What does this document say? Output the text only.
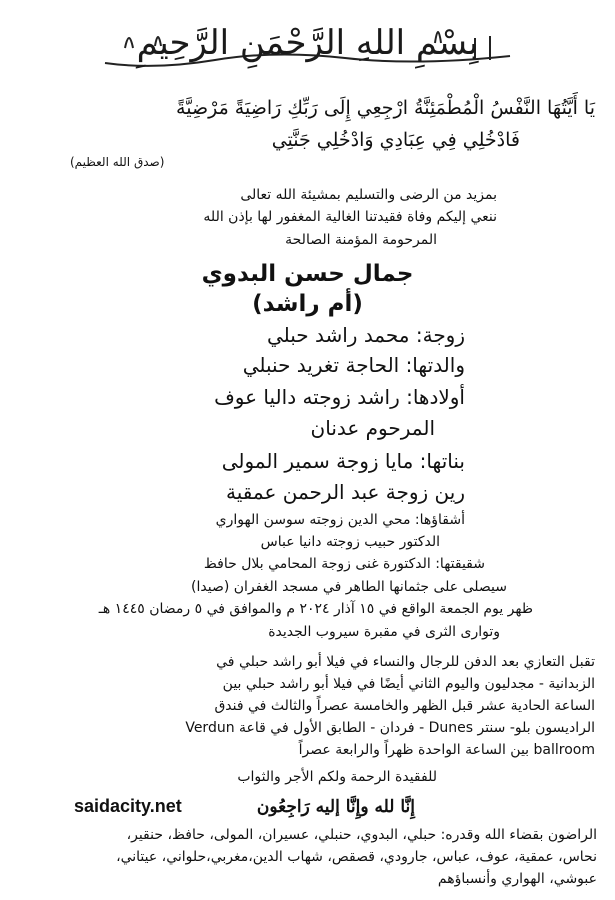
بِسْمِ اللهِ الرَّحْمَنِ الرَّحِيمِ
يَا أَيَّتُهَا النَّفْسُ الْمُطْمَئِنَّةُ ارْجِعِي إِلَى رَبِّكِ رَاضِيَةً مَرْضِيَّةً
فَادْخُلِي فِي عِبَادِي وَادْخُلِي جَنَّتِي
(صدق الله العظيم)
بمزيد من الرضى والتسليم بمشيئة الله تعالى
ننعي إليكم وفاة فقيدتنا الغالية المغفور لها بإذن الله
المرحومة المؤمنة الصالحة
جمال حسن البدوي
(أم راشد)
زوجة: محمد راشد حبلي
والدتها: الحاجة تغريد حنبلي
أولادها: راشد زوجته داليا عوف
المرحوم عدنان
بناتها: مايا زوجة سمير المولى
رين زوجة عبد الرحمن عمقية
أشقاؤها: محي الدين زوجته سوسن الهواري
الدكتور حبيب زوجته دانيا عباس
شقيقتها: الدكتورة غنى زوجة المحامي بلال حافظ
سيصلى على جثمانها الطاهر في مسجد الغفران (صيدا)
ظهر يوم الجمعة الواقع في ١٥ آذار ٢٠٢٤ م والموافق في ٥ رمضان ١٤٤٥ هـ
وتوارى الثرى في مقبرة سيروب الجديدة
تقبل التعازي بعد الدفن للرجال والنساء في فيلا أبو راشد حبلي في
الزبدانية - مجدليون واليوم الثاني أيضًا في فيلا أبو راشد حبلي بين
الساعة الحادية عشر قبل الظهر والخامسة عصراً والثالث في فندق
الراديسون بلو- سنتر Dunes - فردان - الطابق الأول في قاعة Verdun
ballroom بين الساعة الواحدة ظهراً والرابعة عصراً
للفقيدة الرحمة ولكم الأجر والثواب
saidacity.net	إِنَّا لله وإِنَّا إليه رَاجِعُون
الراضون بقضاء الله وقدره: حبلي، البدوي، حنبلي، عسيران، المولى، حافظ، حنقير،
نحاس، عمقية، عوف، عباس، جارودي، قصقص، شهاب الدين،مغربي،حلواني، عيتاني،
عبوشي، الهواري وأنسباؤهم
